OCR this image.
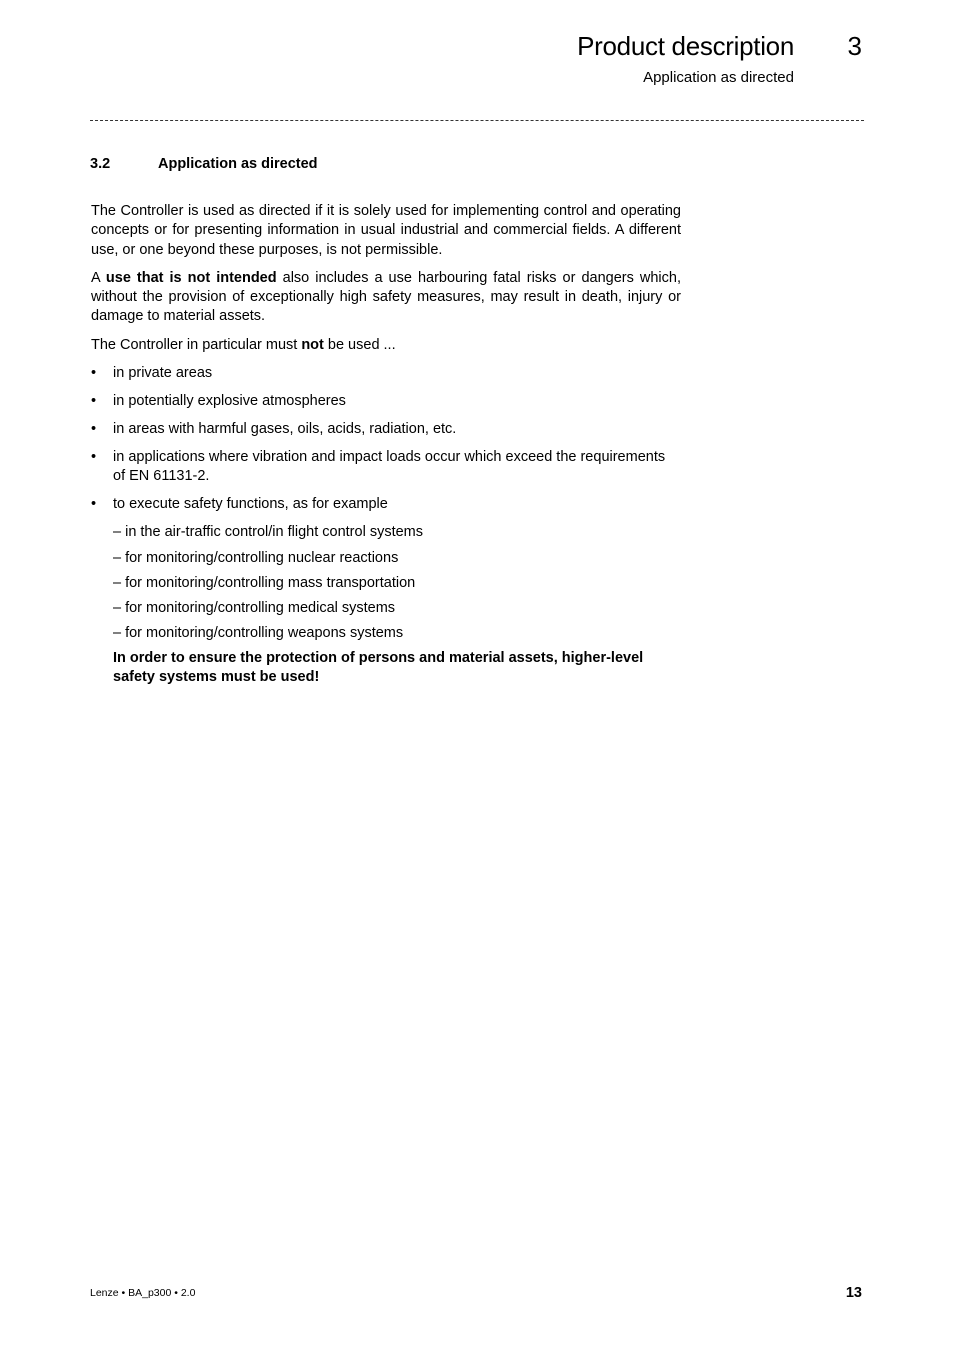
Product description 3
Application as directed
3.2	Application as directed

The Controller is used as directed if it is solely used for implementing control and operating concepts or for presenting information in usual industrial and commercial fields. A different use, or one beyond these purposes, is not permissible.

A use that is not intended also includes a use harbouring fatal risks or dangers which, without the provision of exceptionally high safety measures, may result in death, injury or damage to material assets.

The Controller in particular must not be used ...

• in private areas
• in potentially explosive atmospheres
• in areas with harmful gases, oils, acids, radiation, etc.
• in applications where vibration and impact loads occur which exceed the requirements of EN 61131-2.
• to execute safety functions, as for example
– in the air-traffic control/in flight control systems
– for monitoring/controlling nuclear reactions
– for monitoring/controlling mass transportation
– for monitoring/controlling medical systems
– for monitoring/controlling weapons systems
In order to ensure the protection of persons and material assets, higher-level safety systems must be used!
Lenze • BA_p300 • 2.0	13
